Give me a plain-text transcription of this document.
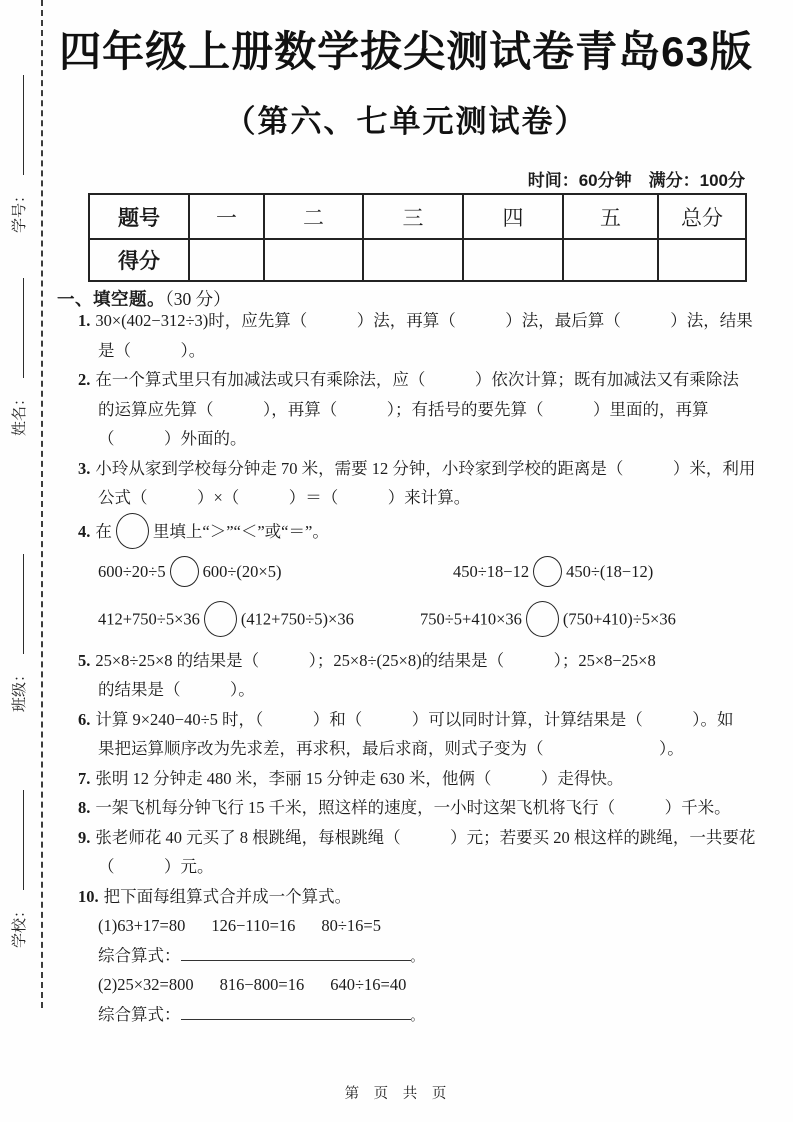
学号：
姓名：
班级：
学校：
四年级上册数学拔尖测试卷青岛63版
（第六、七单元测试卷）
时间：60分钟　满分：100分
题号	一	二	三	四	五	总分
得分						
一、填空题。（30 分）
1. 30×(402−312÷3)时，应先算（　　　）法，再算（　　　）法，最后算（　　　）法，结果
是（　　　）。
2. 在一个算式里只有加减法或只有乘除法，应（　　　）依次计算；既有加减法又有乘除法
的运算应先算（　　　），再算（　　　）；有括号的要先算（　　　）里面的，再算
（　　　）外面的。
3. 小玲从家到学校每分钟走 70 米，需要 12 分钟，小玲家到学校的距离是（　　　）米，利用
公式（　　　）×（　　　）＝（　　　）来计算。
4. 在 里填上“＞”“＜”或“＝”。
600÷20÷5 600÷(20×5)	450÷18−12 450÷(18−12)
412+750÷5×36 (412+750÷5)×36	750÷5+410×36 (750+410)÷5×36
5. 25×8÷25×8 的结果是（　　　）；25×8÷(25×8)的结果是（　　　）；25×8−25×8
的结果是（　　　）。
6. 计算 9×240−40÷5 时，（　　　）和（　　　）可以同时计算，计算结果是（　　　）。如
果把运算顺序改为先求差，再求积，最后求商，则式子变为（　　　　　　　）。
7. 张明 12 分钟走 480 米，李丽 15 分钟走 630 米，他俩（　　　）走得快。
8. 一架飞机每分钟飞行 15 千米，照这样的速度，一小时这架飞机将飞行（　　　）千米。
9. 张老师花 40 元买了 8 根跳绳，每根跳绳（　　　）元；若要买 20 根这样的跳绳，一共要花
（　　　）元。
10. 把下面每组算式合并成一个算式。
(1)63+17=80 126−110=16 80÷16=5
综合算式：	。
(2)25×32=800 816−800=16 640÷16=40
综合算式：	。
第 页 共 页
